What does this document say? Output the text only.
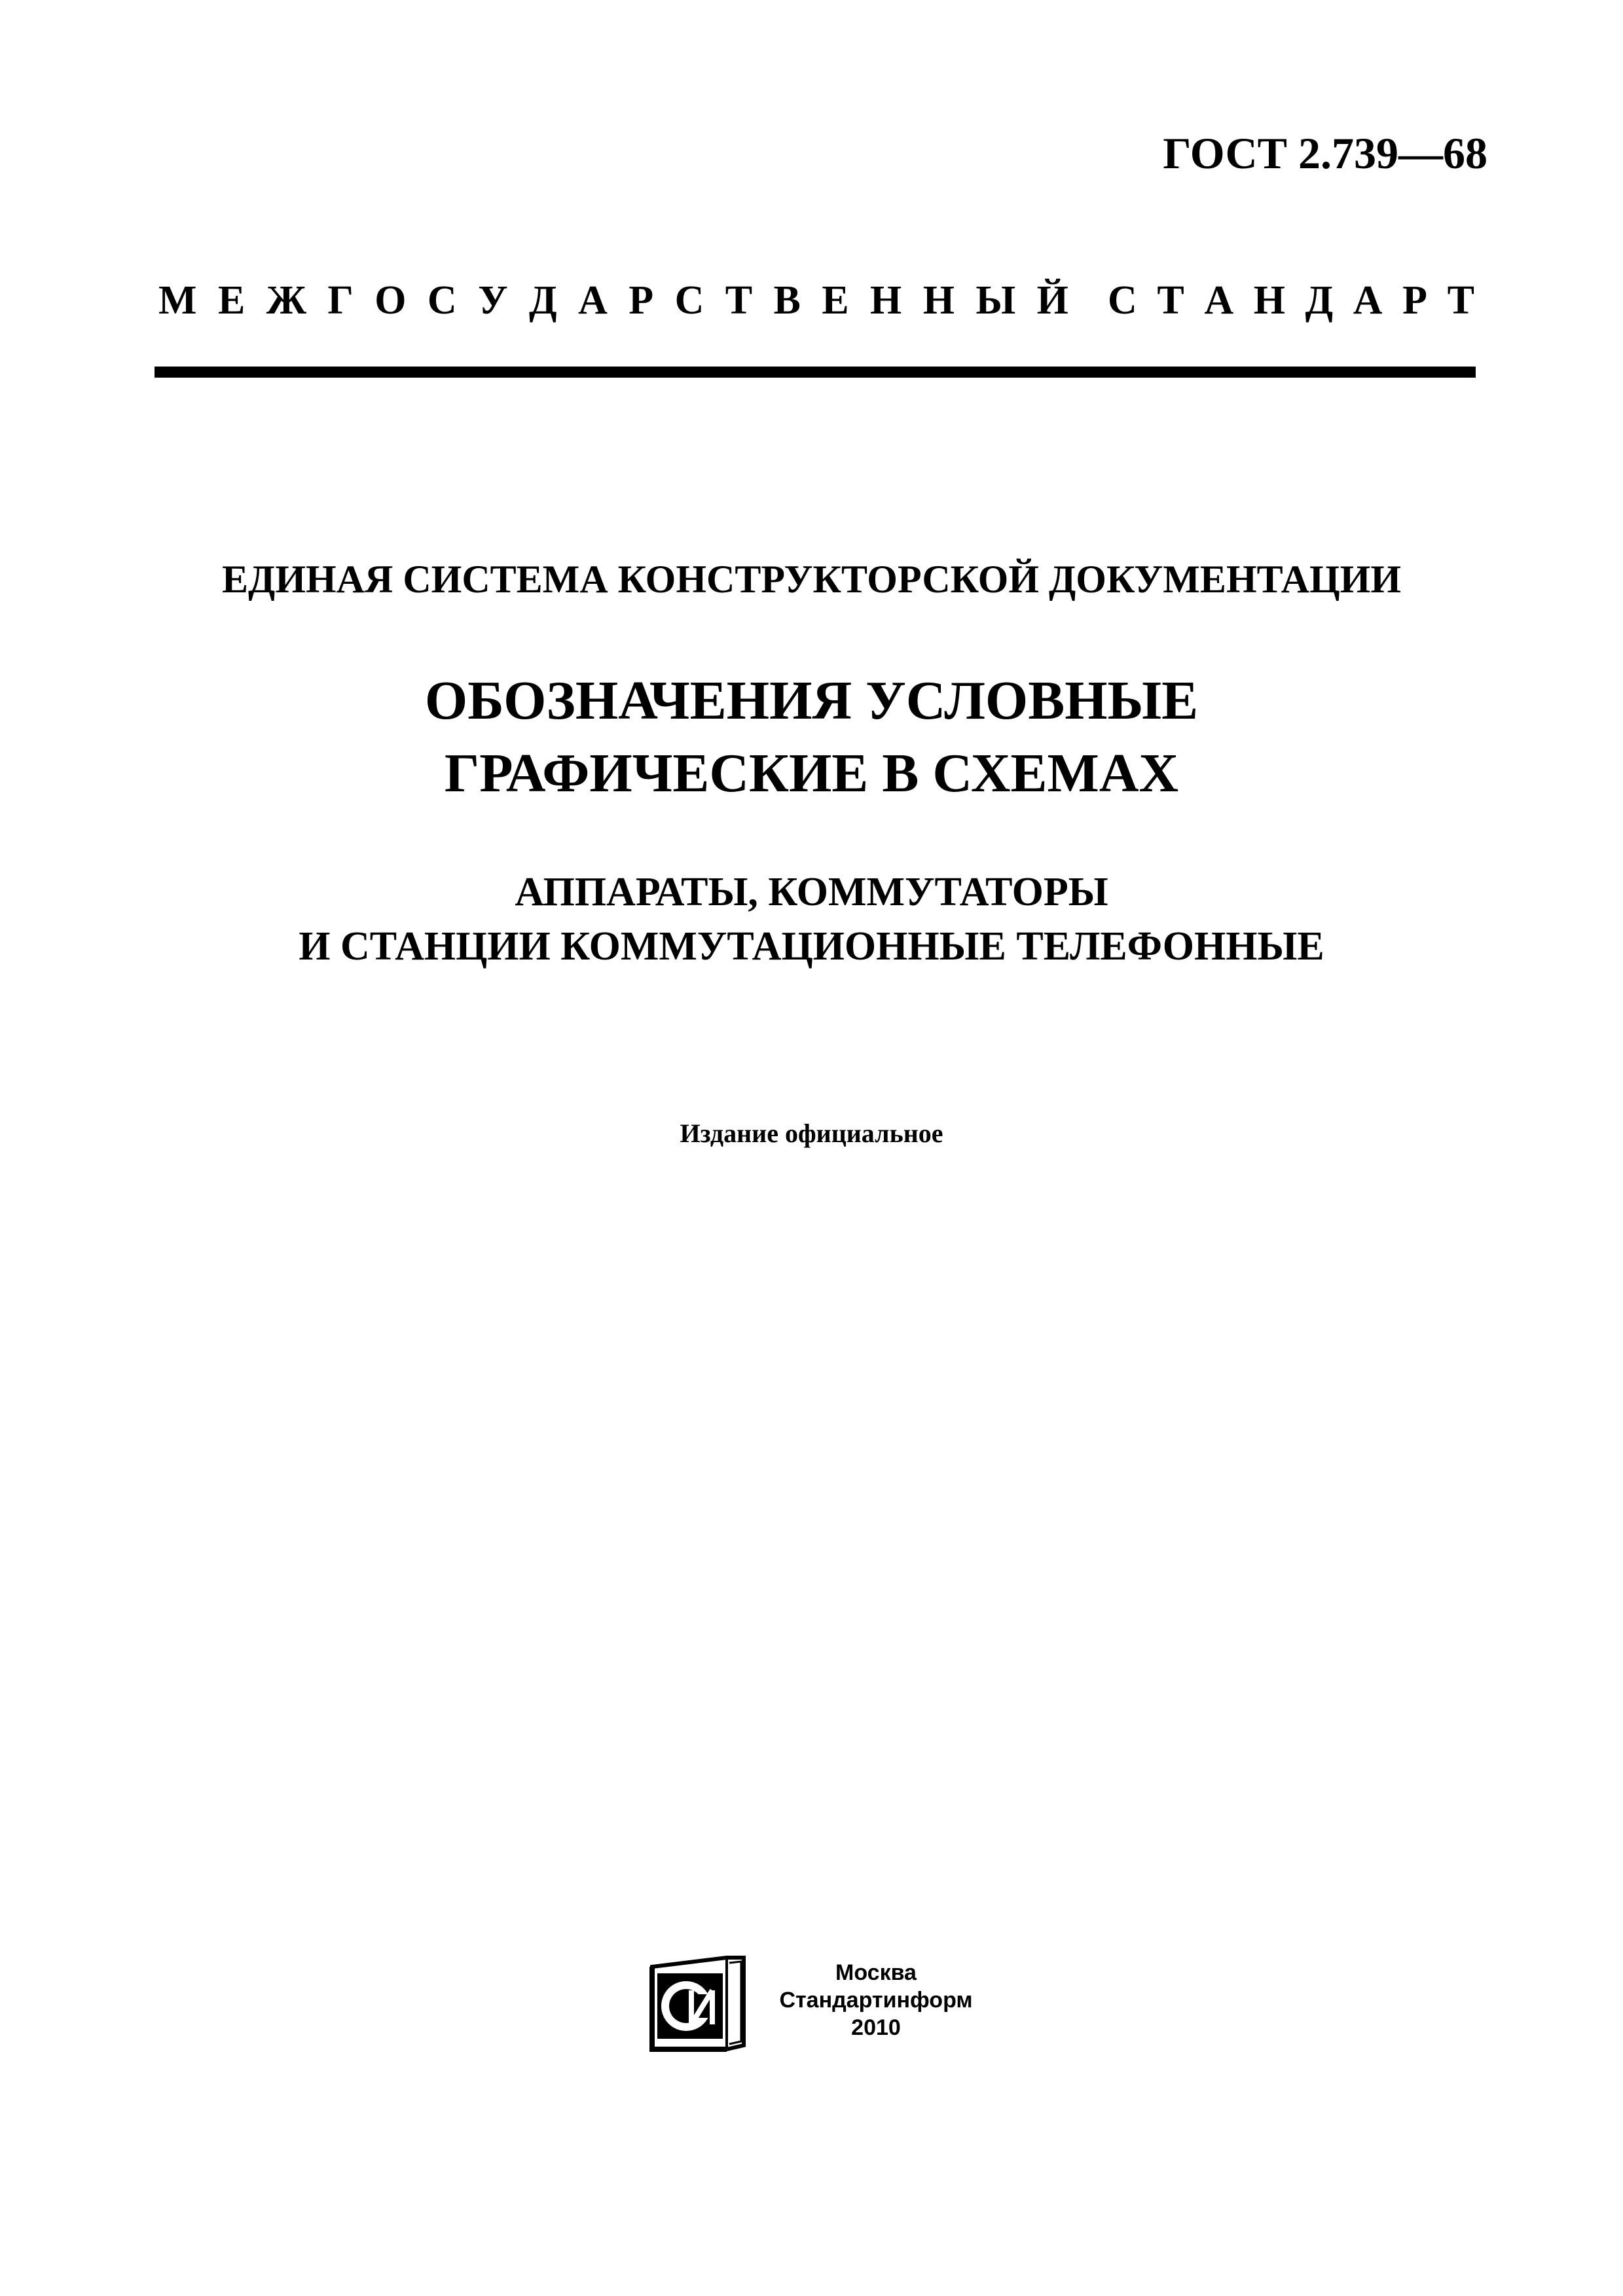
ГОСТ 2.739—68
М Е Ж Г О С У Д А Р С Т В Е Н Н Ы Й С Т А Н Д А Р Т
ЕДИНАЯ СИСТЕМА КОНСТРУКТОРСКОЙ ДОКУМЕНТАЦИИ
ОБОЗНАЧЕНИЯ УСЛОВНЫЕ
ГРАФИЧЕСКИЕ В СХЕМАХ
АППАРАТЫ, КОММУТАТОРЫ
И СТАНЦИИ КОММУТАЦИОННЫЕ ТЕЛЕФОННЫЕ
Издание официальное
Москва
Стандартинформ
2010
